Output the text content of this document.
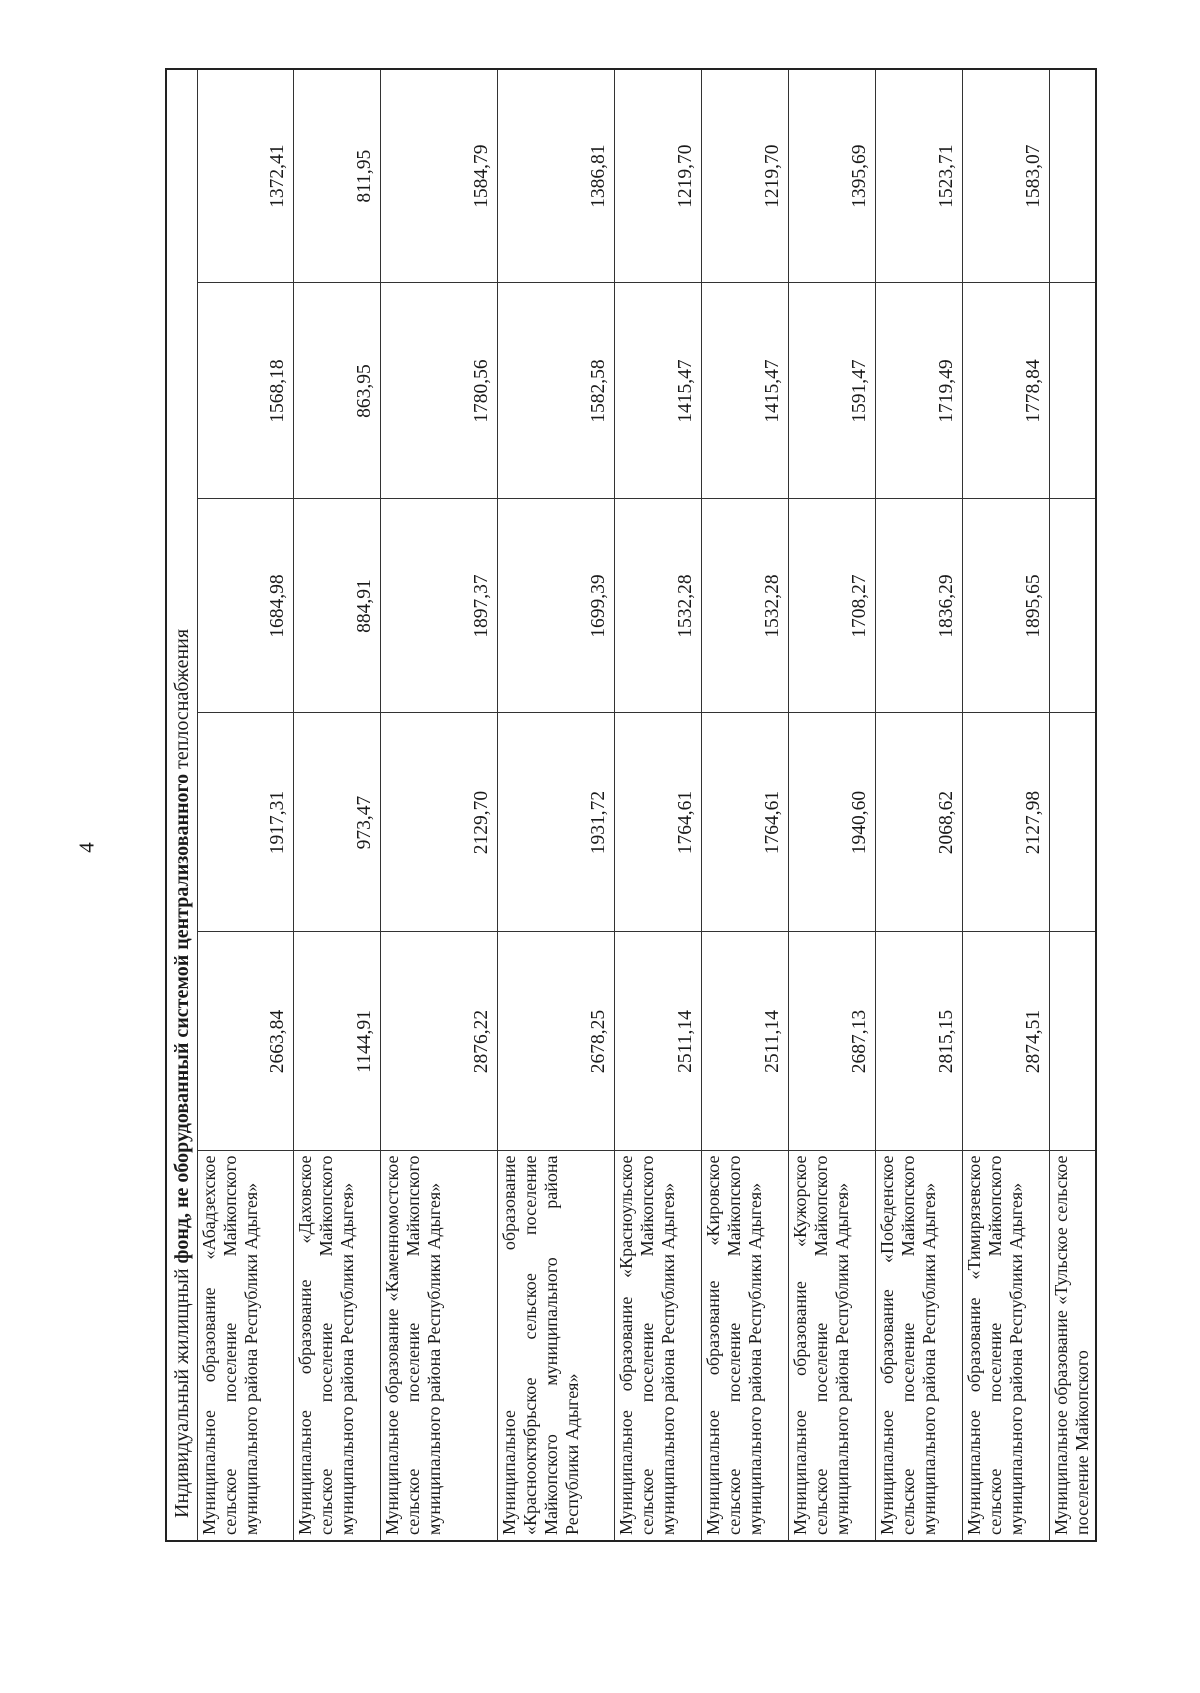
4
Индивидуальный жилищный фонд, не оборудованный системой централизованного теплоснабжения					
Муниципальное образование «Абадзехское сельское поселение Майкопского муниципального района Республики Адыгея»	2663,84	1917,31	1684,98	1568,18	1372,41
Муниципальное образование «Даховское сельское поселение Майкопского муниципального района Республики Адыгея»	1144,91	973,47	884,91	863,95	811,95
Муниципальное образование «Каменномостское сельское поселение Майкопского муниципального района Республики Адыгея»	2876,22	2129,70	1897,37	1780,56	1584,79
Муниципальное образование «Краснооктябрьское сельское поселение Майкопского муниципального района Республики Адыгея»	2678,25	1931,72	1699,39	1582,58	1386,81
Муниципальное образование «Красноульское сельское поселение Майкопского муниципального района Республики Адыгея»	2511,14	1764,61	1532,28	1415,47	1219,70
Муниципальное образование «Кировское сельское поселение Майкопского муниципального района Республики Адыгея»	2511,14	1764,61	1532,28	1415,47	1219,70
Муниципальное образование «Кужорское сельское поселение Майкопского муниципального района Республики Адыгея»	2687,13	1940,60	1708,27	1591,47	1395,69
Муниципальное образование «Победенское сельское поселение Майкопского муниципального района Республики Адыгея»	2815,15	2068,62	1836,29	1719,49	1523,71
Муниципальное образование «Тимирязевское сельское поселение Майкопского муниципального района Республики Адыгея»	2874,51	2127,98	1895,65	1778,84	1583,07
Муниципальное образование «Тульское сельское поселение Майкопского					
